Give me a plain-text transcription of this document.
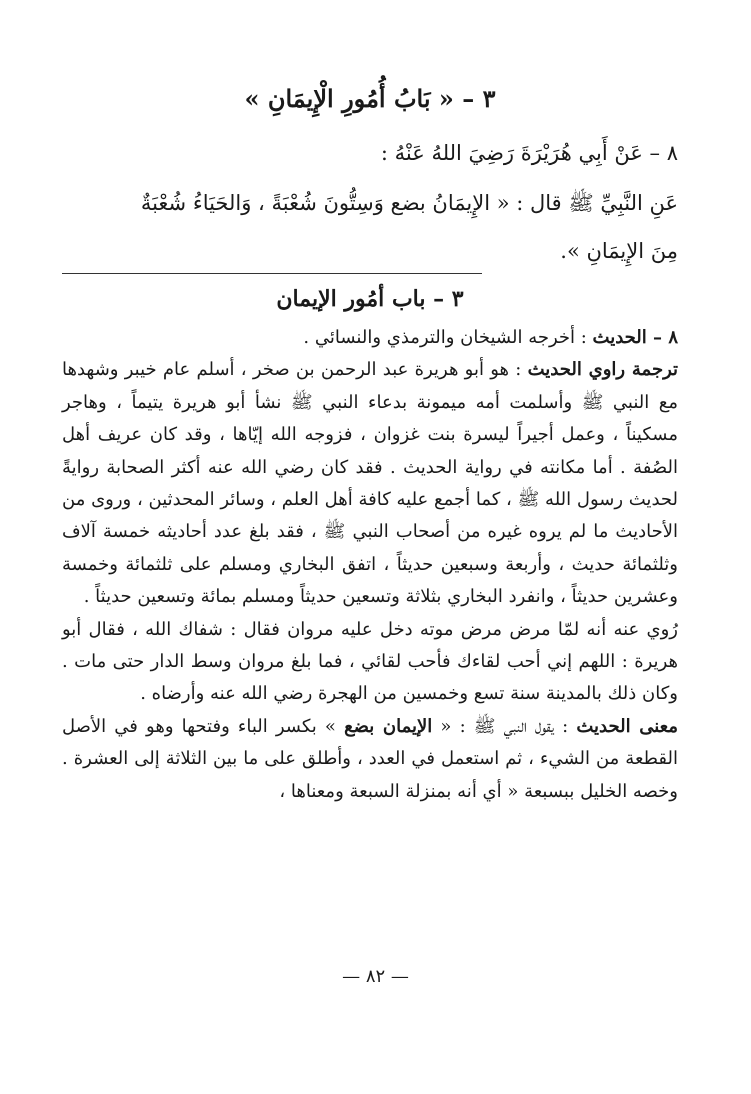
٣ – « بَابُ أُمُورِ الْإِيمَانِ »
٨ – عَنْ أَبِي هُرَيْرَةَ رَضِيَ اللهُ عَنْهُ :
عَنِ النَّبِيِّ ﷺ قال : « الإِيمَانُ بضع وَسِتُّونَ شُعْبَةً ، وَالحَيَاءُ شُعْبَةٌ
مِنَ الإِيمَانِ ».
٣ – باب أمُور الإيمان

٨ – الحديث : أخرجه الشيخان والترمذي والنسائي .

ترجمة راوي الحديث : هو أبو هريرة عبد الرحمن بن صخر ، أسلم عام خيبر وشهدها مع النبي ﷺ وأسلمت أمه ميمونة بدعاء النبي ﷺ نشأ أبو هريرة يتيماً ، وهاجر مسكيناً ، وعمل أجيراً ليسرة بنت غزوان ، فزوجه الله إيّاها ، وقد كان عريف أهل الصُفة . أما مكانته في رواية الحديث . فقد كان رضي الله عنه أكثر الصحابة روايةً لحديث رسول الله ﷺ ، كما أجمع عليه كافة أهل العلم ، وسائر المحدثين ، وروى من الأحاديث ما لم يروه غيره من أصحاب النبي ﷺ ، فقد بلغ عدد أحاديثه خمسة آلاف وثلثمائة حديث ، وأربعة وسبعين حديثاً ، اتفق البخاري ومسلم على ثلثمائة وخمسة وعشرين حديثاً ، وانفرد البخاري بثلاثة وتسعين حديثاً ومسلم بمائة وتسعين حديثاً .

رُوي عنه أنه لمّا مرض مرض موته دخل عليه مروان فقال : شفاك الله ، فقال أبو هريرة : اللهم إني أحب لقاءك فأحب لقائي ، فما بلغ مروان وسط الدار حتى مات . وكان ذلك بالمدينة سنة تسع وخمسين من الهجرة رضي الله عنه وأرضاه .

معنى الحديث : يقول النبي ﷺ : « الإيمان بضع » بكسر الباء وفتحها وهو في الأصل القطعة من الشيء ، ثم استعمل في العدد ، وأطلق على ما بين الثلاثة إلى العشرة . وخصه الخليل ببسبعة « أي أنه بمنزلة السبعة ومعناها ،

— ٨٢ —
